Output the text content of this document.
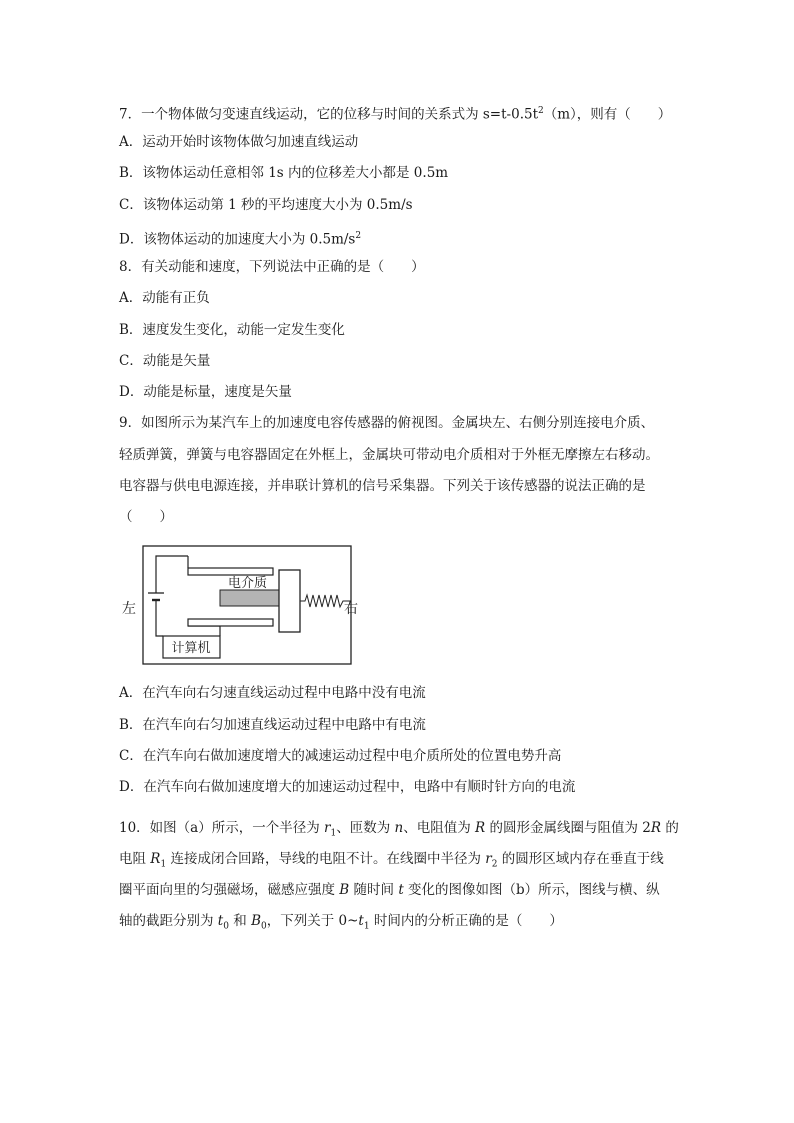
7．一个物体做匀变速直线运动，它的位移与时间的关系式为 $s=t-0.5t^2(m)$，则有（　　）
A．运动开始时该物体做匀加速直线运动
B．该物体运动任意相邻 1s 内的位移差大小都是 0.5m
C．该物体运动第 1 秒的平均速度大小为 0.5m/s
D．该物体运动的加速度大小为 $0.5m/s^2$
8．有关动能和速度，下列说法中正确的是（　　）
A．动能有正负
B．速度发生变化，动能一定发生变化
C．动能是矢量
D．动能是标量，速度是矢量
9．如图所示为某汽车上的加速度电容传感器的俯视图。金属块左、右侧分别连接电介质、
轻质弹簧，弹簧与电容器固定在外框上，金属块可带动电介质相对于外框无摩擦左右移动。
电容器与供电电源连接，并串联计算机的信号采集器。下列关于该传感器的说法正确的是
（　　）
左	右
电介质
计算机
A．在汽车向右匀速直线运动过程中电路中没有电流
B．在汽车向右匀加速直线运动过程中电路中有电流
C．在汽车向右做加速度增大的减速运动过程中电介质所处的位置电势升高
D．在汽车向右做加速度增大的加速运动过程中，电路中有顺时针方向的电流
10．如图（a）所示，一个半径为 $r_1$、匝数为 n、电阻值为 R 的圆形金属线圈与阻值为 2R 的
电阻 $R_1$ 连接成闭合回路，导线的电阻不计。在线圈中半径为 $r_2$ 的圆形区域内存在垂直于线
圈平面向里的匀强磁场，磁感应强度 B 随时间 t 变化的图像如图（b）所示，图线与横、纵
轴的截距分别为 $t_0$ 和 $B_0$，下列关于 $0\sim t_1$ 时间内的分析正确的是（　　）
